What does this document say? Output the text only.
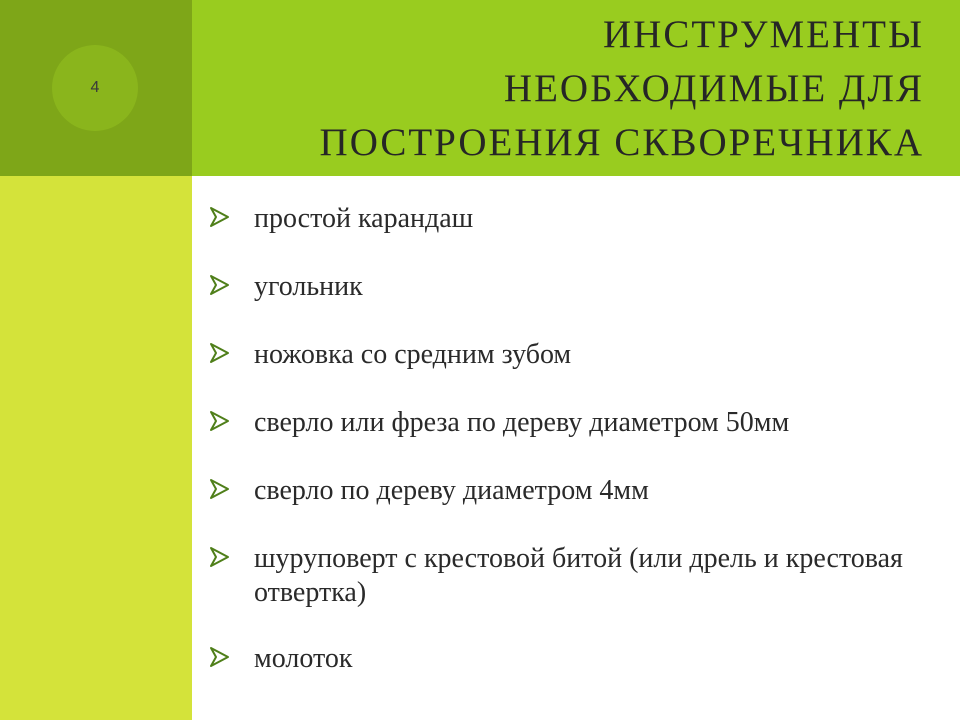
4
ИНСТРУМЕНТЫ
НЕОБХОДИМЫЕ ДЛЯ
ПОСТРОЕНИЯ СКВОРЕЧНИКА
простой карандаш
угольник
ножовка со средним зубом
сверло или фреза по дереву диаметром 50мм
сверло по дереву диаметром 4мм
шуруповерт с крестовой битой (или дрель и крестовая отвертка)
молоток
